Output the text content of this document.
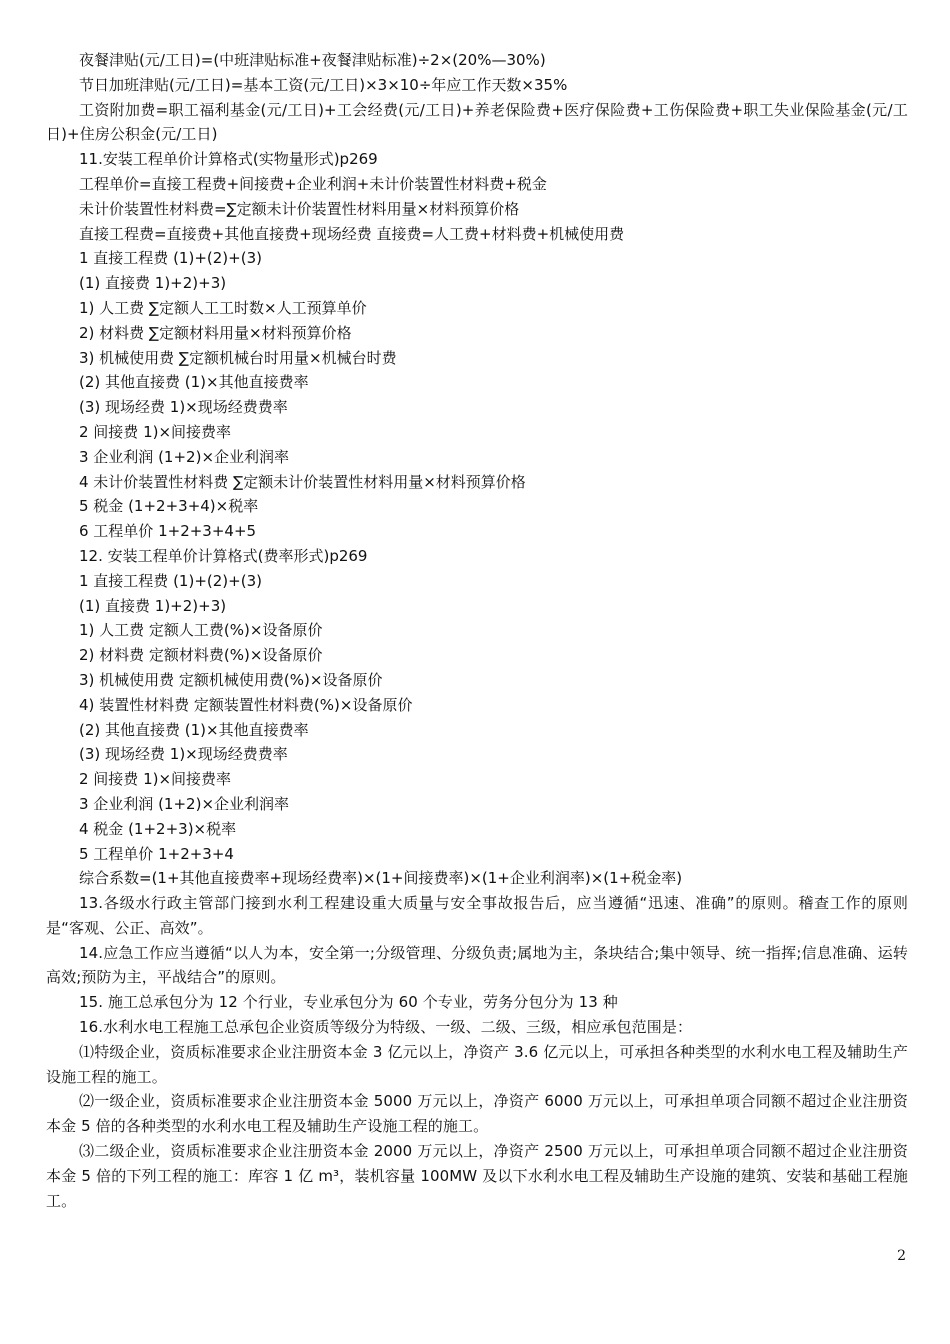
夜餐津贴(元/工日)=(中班津贴标准+夜餐津贴标准)÷2×(20%—30%)

节日加班津贴(元/工日)=基本工资(元/工日)×3×10÷年应工作天数×35%

工资附加费=职工福利基金(元/工日)+工会经费(元/工日)+养老保险费+医疗保险费+工伤保险费+职工失业保险基金(元/工日)+住房公积金(元/工日)

11.安装工程单价计算格式(实物量形式)p269

工程单价=直接工程费+间接费+企业利润+未计价装置性材料费+税金

未计价装置性材料费=∑定额未计价装置性材料用量×材料预算价格

直接工程费=直接费+其他直接费+现场经费 直接费=人工费+材料费+机械使用费

1 直接工程费 (1)+(2)+(3)

(1) 直接费 1)+2)+3)

1) 人工费 ∑定额人工工时数×人工预算单价

2) 材料费 ∑定额材料用量×材料预算价格

3) 机械使用费 ∑定额机械台时用量×机械台时费

(2) 其他直接费 (1)×其他直接费率

(3) 现场经费 1)×现场经费费率

2 间接费 1)×间接费率

3 企业利润 (1+2)×企业利润率

4 未计价装置性材料费 ∑定额未计价装置性材料用量×材料预算价格

5 税金 (1+2+3+4)×税率

6 工程单价 1+2+3+4+5

12. 安装工程单价计算格式(费率形式)p269

1 直接工程费 (1)+(2)+(3)

(1) 直接费 1)+2)+3)

1) 人工费 定额人工费(%)×设备原价

2) 材料费 定额材料费(%)×设备原价

3) 机械使用费 定额机械使用费(%)×设备原价

4) 装置性材料费 定额装置性材料费(%)×设备原价

(2) 其他直接费 (1)×其他直接费率

(3) 现场经费 1)×现场经费费率

2 间接费 1)×间接费率

3 企业利润 (1+2)×企业利润率

4 税金 (1+2+3)×税率

5 工程单价 1+2+3+4

综合系数=(1+其他直接费率+现场经费率)×(1+间接费率)×(1+企业利润率)×(1+税金率)

13.各级水行政主管部门接到水利工程建设重大质量与安全事故报告后，应当遵循“迅速、准确”的原则。稽查工作的原则是“客观、公正、高效”。

14.应急工作应当遵循“以人为本，安全第一;分级管理、分级负责;属地为主，条块结合;集中领导、统一指挥;信息准确、运转高效;预防为主，平战结合”的原则。

15. 施工总承包分为 12 个行业，专业承包分为 60 个专业，劳务分包分为 13 种

16.水利水电工程施工总承包企业资质等级分为特级、一级、二级、三级，相应承包范围是：

⑴特级企业，资质标准要求企业注册资本金 3 亿元以上，净资产 3.6 亿元以上，可承担各种类型的水利水电工程及辅助生产设施工程的施工。

⑵一级企业，资质标准要求企业注册资本金 5000 万元以上，净资产 6000 万元以上，可承担单项合同额不超过企业注册资本金 5 倍的各种类型的水利水电工程及辅助生产设施工程的施工。

⑶二级企业，资质标准要求企业注册资本金 2000 万元以上，净资产 2500 万元以上，可承担单项合同额不超过企业注册资本金 5 倍的下列工程的施工：库容 1 亿 m³，装机容量 100MW 及以下水利水电工程及辅助生产设施的建筑、安装和基础工程施工。

2
